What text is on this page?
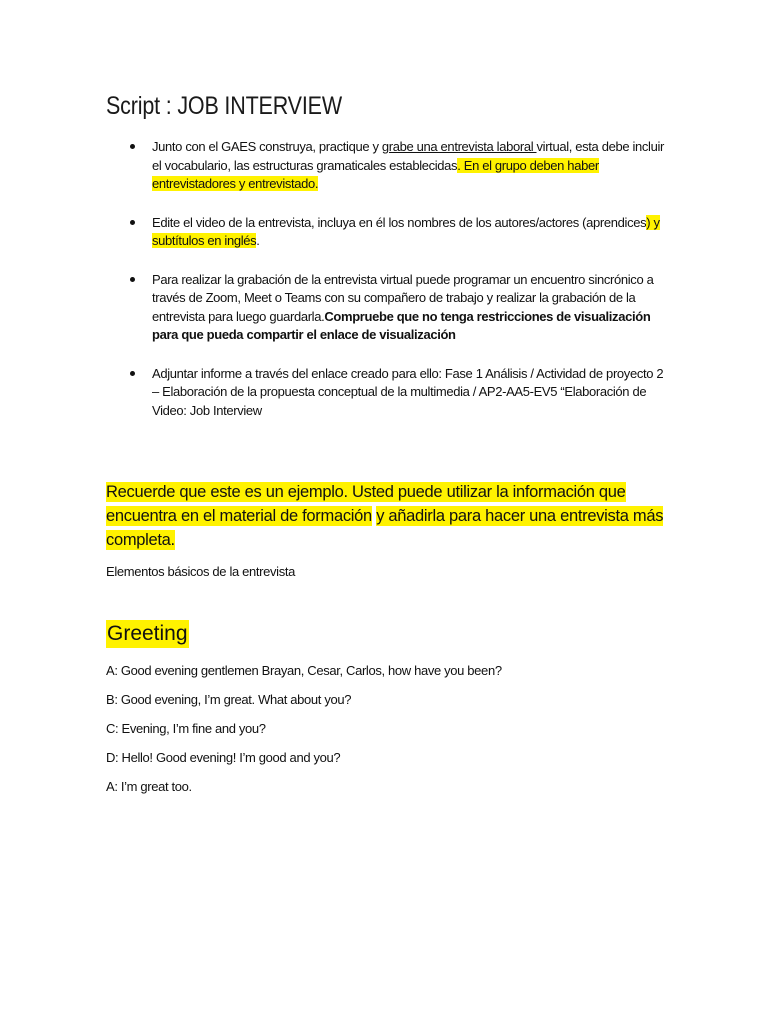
Script : JOB INTERVIEW
Junto con el GAES construya, practique y grabe una entrevista laboral virtual, esta debe incluir el vocabulario, las estructuras gramaticales establecidas. En el grupo deben haber entrevistadores y entrevistado.
Edite el video de la entrevista, incluya en él los nombres de los autores/actores (aprendices) y subtítulos en inglés.
Para realizar la grabación de la entrevista virtual puede programar un encuentro sincrónico a través de Zoom, Meet o Teams con su compañero de trabajo y realizar la grabación de la entrevista para luego guardarla.Compruebe que no tenga restricciones de visualización para que pueda compartir el enlace de visualización
Adjuntar informe a través del enlace creado para ello: Fase 1 Análisis / Actividad de proyecto 2 – Elaboración de la propuesta conceptual de la multimedia / AP2-AA5-EV5 “Elaboración de Video: Job Interview
Recuerde que este es un ejemplo. Usted puede utilizar la información que encuentra en el material de formación y añadirla para hacer una entrevista más completa.
Elementos básicos de la entrevista
Greeting
A: Good evening gentlemen Brayan, Cesar, Carlos, how have you been?
B: Good evening, I’m great. What about you?
C: Evening, I’m fine and you?
D: Hello! Good evening! I’m good and you?
A: I’m great too.
